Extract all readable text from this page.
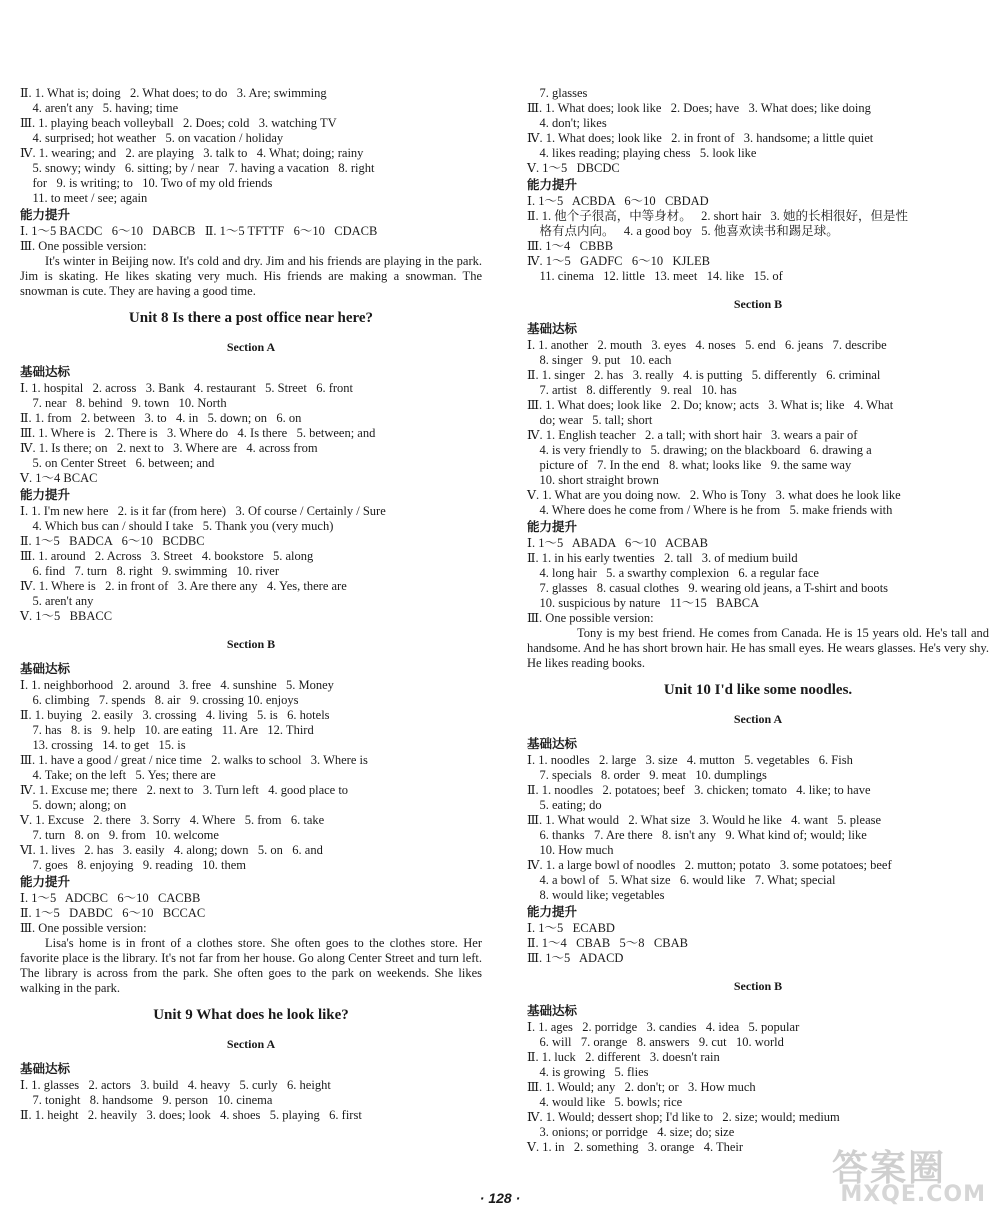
Ⅱ. 1. What is; doing   2. What does; to do   3. Are; swimming
4. aren't any   5. having; time
Ⅲ. 1. playing beach volleyball   2. Does; cold   3. watching TV
4. surprised; hot weather   5. on vacation / holiday
Ⅳ. 1. wearing; and   2. are playing   3. talk to   4. What; doing; rainy
5. snowy; windy   6. sitting; by / near   7. having a vacation   8. right
for   9. is writing; to   10. Two of my old friends
11. to meet / see; again
能力提升
Ⅰ. 1～5 BACDC   6～10   DABCB   Ⅱ. 1～5 TFTTF   6～10   CDACB
Ⅲ. One possible version:
It's winter in Beijing now. It's cold and dry. Jim and his friends are playing in the park. Jim is skating. He likes skating very much. His friends are making a snowman. The snowman is cute. They are having a good time.
Unit 8 Is there a post office near here?
Section A
基础达标
Ⅰ. 1. hospital   2. across   3. Bank   4. restaurant   5. Street   6. front
7. near   8. behind   9. town   10. North
Ⅱ. 1. from   2. between   3. to   4. in   5. down; on   6. on
Ⅲ. 1. Where is   2. There is   3. Where do   4. Is there   5. between; and
Ⅳ. 1. Is there; on   2. next to   3. Where are   4. across from
5. on Center Street   6. between; and
Ⅴ. 1～4 BCAC
能力提升
Ⅰ. 1. I'm new here   2. is it far (from here)   3. Of course / Certainly / Sure
4. Which bus can / should I take   5. Thank you (very much)
Ⅱ. 1～5   BADCA   6～10   BCDBC
Ⅲ. 1. around   2. Across   3. Street   4. bookstore   5. along
6. find   7. turn   8. right   9. swimming   10. river
Ⅳ. 1. Where is   2. in front of   3. Are there any   4. Yes, there are
5. aren't any
Ⅴ. 1～5   BBACC
Section B
基础达标
Ⅰ. 1. neighborhood   2. around   3. free   4. sunshine   5. Money
6. climbing   7. spends   8. air   9. crossing 10. enjoys
Ⅱ. 1. buying   2. easily   3. crossing   4. living   5. is   6. hotels
7. has   8. is   9. help   10. are eating   11. Are   12. Third
13. crossing   14. to get   15. is
Ⅲ. 1. have a good / great / nice time   2. walks to school   3. Where is
4. Take; on the left   5. Yes; there are
Ⅳ. 1. Excuse me; there   2. next to   3. Turn left   4. good place to
5. down; along; on
Ⅴ. 1. Excuse   2. there   3. Sorry   4. Where   5. from   6. take
7. turn   8. on   9. from   10. welcome
Ⅵ. 1. lives   2. has   3. easily   4. along; down   5. on   6. and
7. goes   8. enjoying   9. reading   10. them
能力提升
Ⅰ. 1～5   ADCBC   6～10   CACBB
Ⅱ. 1～5   DABDC   6～10   BCCAC
Ⅲ. One possible version:
Lisa's home is in front of a clothes store. She often goes to the clothes store. Her favorite place is the library. It's not far from her house. Go along Center Street and turn left. The library is across from the park. She often goes to the park on weekends. She likes walking in the park.
Unit 9 What does he look like?
Section A
基础达标
Ⅰ. 1. glasses   2. actors   3. build   4. heavy   5. curly   6. height
7. tonight   8. handsome   9. person   10. cinema
Ⅱ. 1. height   2. heavily   3. does; look   4. shoes   5. playing   6. first
7. glasses
Ⅲ. 1. What does; look like   2. Does; have   3. What does; like doing
4. don't; likes
Ⅳ. 1. What does; look like   2. in front of   3. handsome; a little quiet
4. likes reading; playing chess   5. look like
Ⅴ. 1～5   DBCDC
能力提升
Ⅰ. 1～5   ACBDA   6～10   CBDAD
Ⅱ. 1. 他个子很高，中等身材。   2. short hair   3. 她的长相很好，但是性
格有点内向。   4. a good boy   5. 他喜欢读书和踢足球。
Ⅲ. 1～4   CBBB
Ⅳ. 1～5   GADFC   6～10   KJLEB
11. cinema   12. little   13. meet   14. like   15. of
Section B
基础达标
Ⅰ. 1. another   2. mouth   3. eyes   4. noses   5. end   6. jeans   7. describe
8. singer   9. put   10. each
Ⅱ. 1. singer   2. has   3. really   4. is putting   5. differently   6. criminal
7. artist   8. differently   9. real   10. has
Ⅲ. 1. What does; look like   2. Do; know; acts   3. What is; like   4. What
do; wear   5. tall; short
Ⅳ. 1. English teacher   2. a tall; with short hair   3. wears a pair of
4. is very friendly to   5. drawing; on the blackboard   6. drawing a
picture of   7. In the end   8. what; looks like   9. the same way
10. short straight brown
Ⅴ. 1. What are you doing now.   2. Who is Tony   3. what does he look like
4. Where does he come from / Where is he from   5. make friends with
能力提升
Ⅰ. 1～5   ABADA   6～10   ACBAB
Ⅱ. 1. in his early twenties   2. tall   3. of medium build
4. long hair   5. a swarthy complexion   6. a regular face
7. glasses   8. casual clothes   9. wearing old jeans, a T-shirt and boots
10. suspicious by nature   11～15   BABCA
Ⅲ. One possible version:
Tony is my best friend. He comes from Canada. He is 15 years old. He's tall and handsome. And he has short brown hair. He has small eyes. He wears glasses. He's very shy. He likes reading books.
Unit 10 I'd like some noodles.
Section A
基础达标
Ⅰ. 1. noodles   2. large   3. size   4. mutton   5. vegetables   6. Fish
7. specials   8. order   9. meat   10. dumplings
Ⅱ. 1. noodles   2. potatoes; beef   3. chicken; tomato   4. like; to have
5. eating; do
Ⅲ. 1. What would   2. What size   3. Would he like   4. want   5. please
6. thanks   7. Are there   8. isn't any   9. What kind of; would; like
10. How much
Ⅳ. 1. a large bowl of noodles   2. mutton; potato   3. some potatoes; beef
4. a bowl of   5. What size   6. would like   7. What; special
8. would like; vegetables
能力提升
Ⅰ. 1～5   ECABD
Ⅱ. 1～4   CBAB   5～8   CBAB
Ⅲ. 1～5   ADACD
Section B
基础达标
Ⅰ. 1. ages   2. porridge   3. candies   4. idea   5. popular
6. will   7. orange   8. answers   9. cut   10. world
Ⅱ. 1. luck   2. different   3. doesn't rain
4. is growing   5. flies
Ⅲ. 1. Would; any   2. don't; or   3. How much
4. would like   5. bowls; rice
Ⅳ. 1. Would; dessert shop; I'd like to   2. size; would; medium
3. onions; or porridge   4. size; do; size
Ⅴ. 1. in   2. something   3. orange   4. Their
· 128 ·
答案圈
MXQE.COM
